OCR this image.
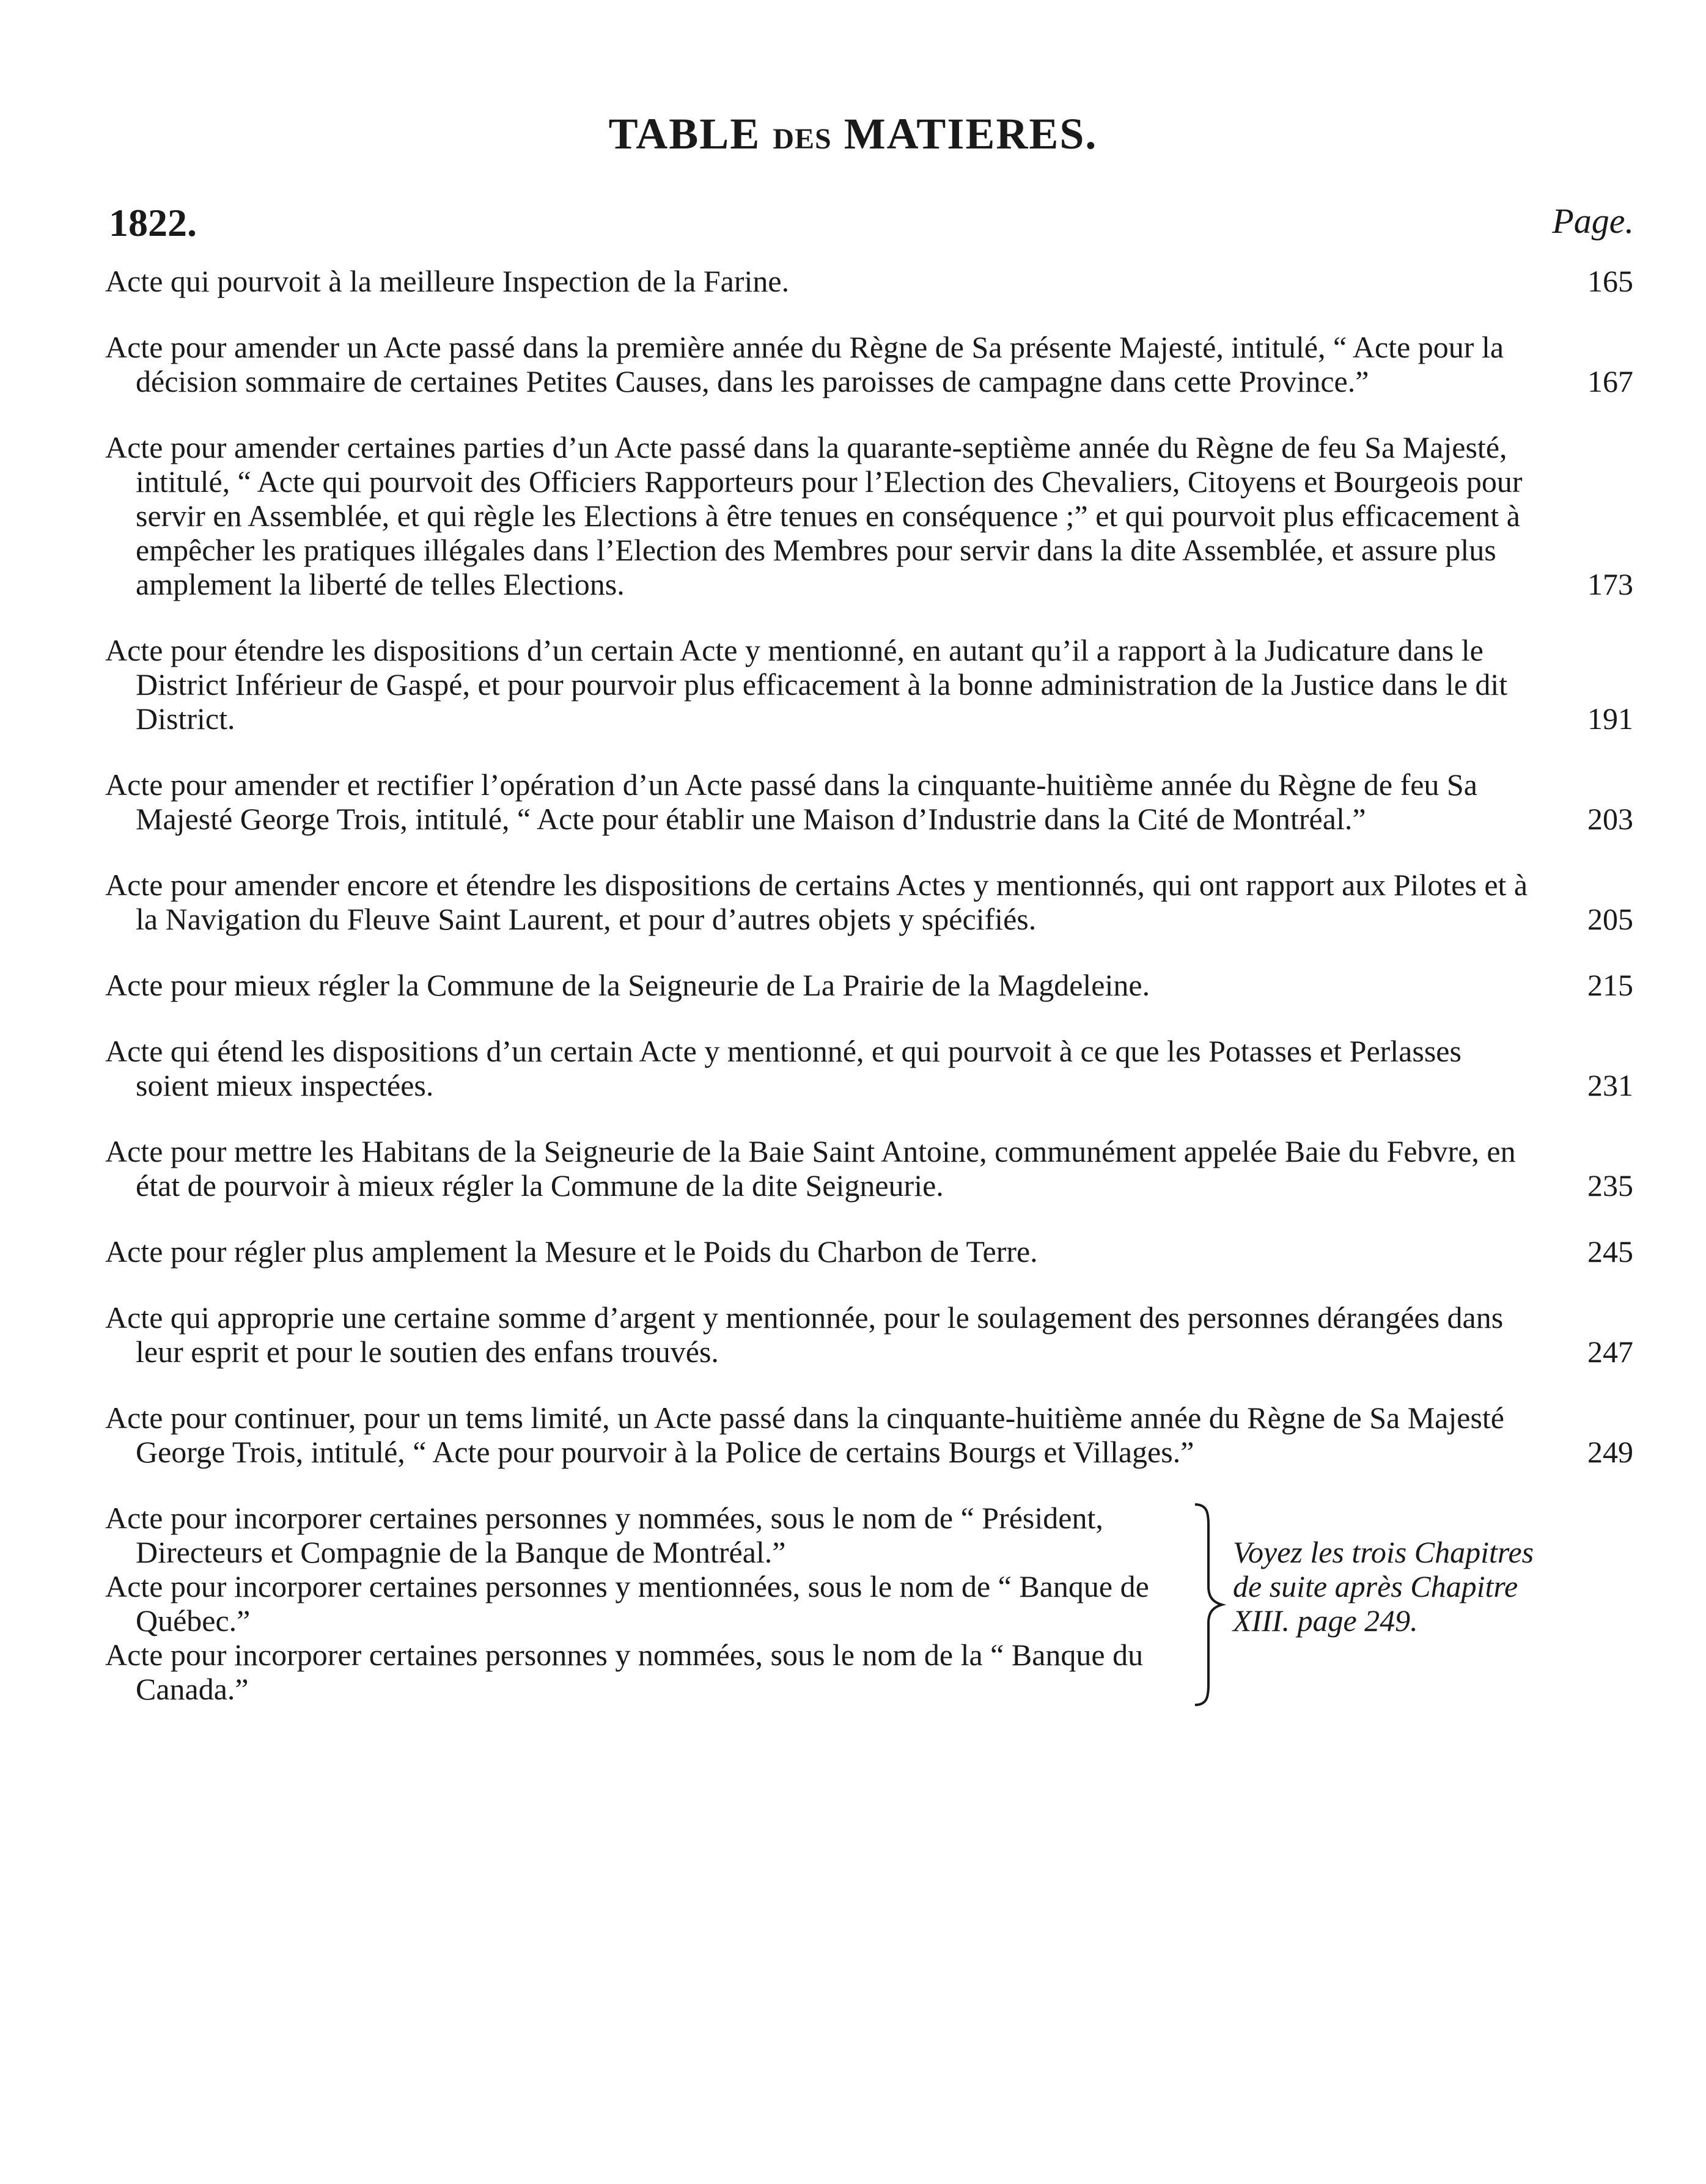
TABLE DES MATIERES.
1822.	Page.
Acte qui pourvoit à la meilleure Inspection de la Farine.	165
Acte pour amender un Acte passé dans la première année du Règne de Sa présente Majesté, intitulé, “ Acte pour la décision sommaire de certaines Petites Causes, dans les paroisses de campagne dans cette Province.”	167
Acte pour amender certaines parties d’un Acte passé dans la quarante-septième année du Règne de feu Sa Majesté, intitulé, “ Acte qui pourvoit des Officiers Rapporteurs pour l’Election des Chevaliers, Citoyens et Bourgeois pour servir en Assemblée, et qui règle les Elections à être tenues en conséquence ;” et qui pourvoit plus efficacement à empêcher les pratiques illégales dans l’Election des Membres pour servir dans la dite Assemblée, et assure plus amplement la liberté de telles Elections.	173
Acte pour étendre les dispositions d’un certain Acte y mentionné, en autant qu’il a rapport à la Judicature dans le District Inférieur de Gaspé, et pour pourvoir plus efficacement à la bonne administration de la Justice dans le dit District.	191
Acte pour amender et rectifier l’opération d’un Acte passé dans la cinquante-huitième année du Règne de feu Sa Majesté George Trois, intitulé, “ Acte pour établir une Maison d’Industrie dans la Cité de Montréal.”	203
Acte pour amender encore et étendre les dispositions de certains Actes y mentionnés, qui ont rapport aux Pilotes et à la Navigation du Fleuve Saint Laurent, et pour d’autres objets y spécifiés.	205
Acte pour mieux régler la Commune de la Seigneurie de La Prairie de la Magdeleine.	215
Acte qui étend les dispositions d’un certain Acte y mentionné, et qui pourvoit à ce que les Potasses et Perlasses soient mieux inspectées.	231
Acte pour mettre les Habitans de la Seigneurie de la Baie Saint Antoine, communément appelée Baie du Febvre, en état de pourvoir à mieux régler la Commune de la dite Seigneurie.	235
Acte pour régler plus amplement la Mesure et le Poids du Charbon de Terre.	245
Acte qui approprie une certaine somme d’argent y mentionnée, pour le soulagement des personnes dérangées dans leur esprit et pour le soutien des enfans trouvés.	247
Acte pour continuer, pour un tems limité, un Acte passé dans la cinquante-huitième année du Règne de Sa Majesté George Trois, intitulé, “ Acte pour pourvoir à la Police de certains Bourgs et Villages.”	249

Acte pour incorporer certaines personnes y nommées, sous le nom de “ Président, Directeurs et Compagnie de la Banque de Montréal.”

Acte pour incorporer certaines personnes y mentionnées, sous le nom de “ Banque de Québec.”

Acte pour incorporer certaines personnes y nommées, sous le nom de la “ Banque du Canada.”

Voyez les trois Chapitres de suite après Chapitre XIII. page 249.
